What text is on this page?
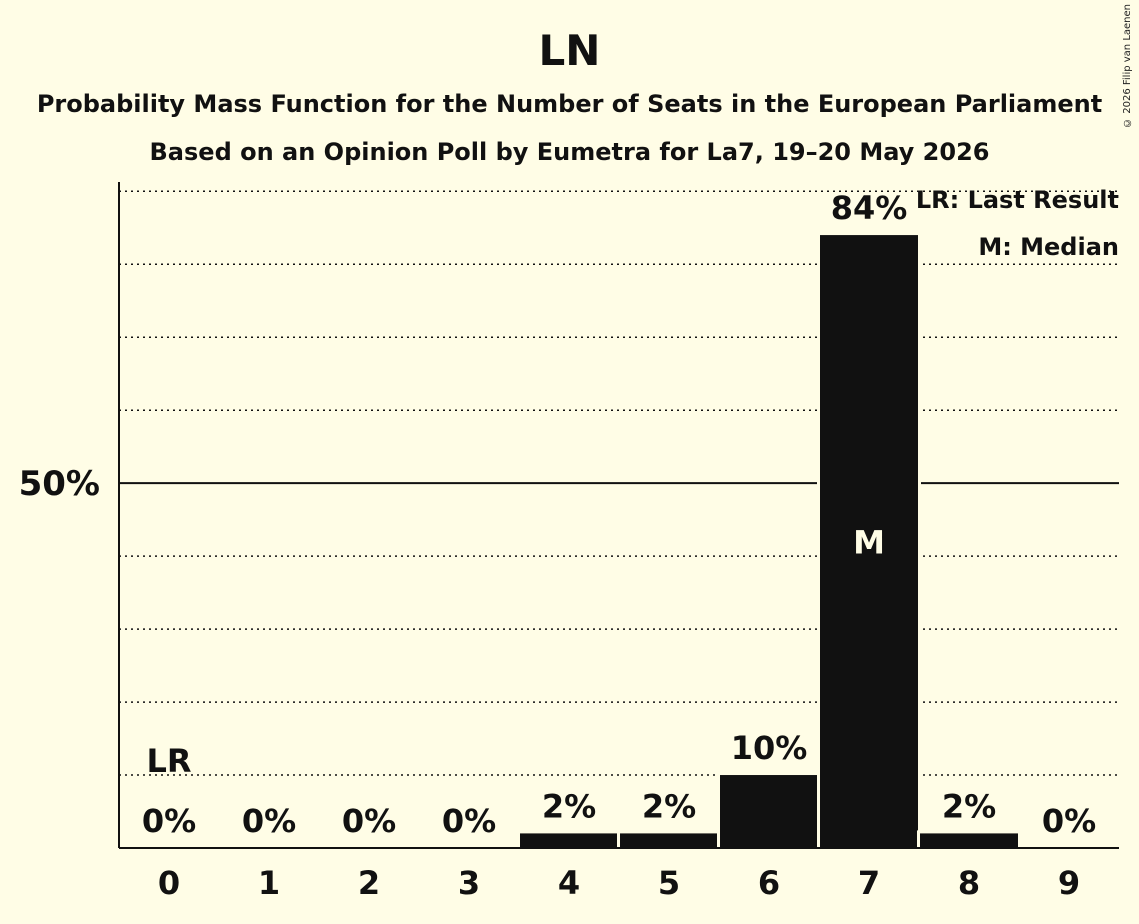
LN
Probability Mass Function for the Number of Seats in the European Parliament
Based on an Opinion Poll by Eumetra for La7, 19–20 May 2026
© 2026 Filip van Laenen
50%
0%
0
0%
1
0%
2
0%
3
2%
4
2%
5
10%
6
84%
7
2%
8
0%
9
LR
M
LR: Last Result
M: Median
